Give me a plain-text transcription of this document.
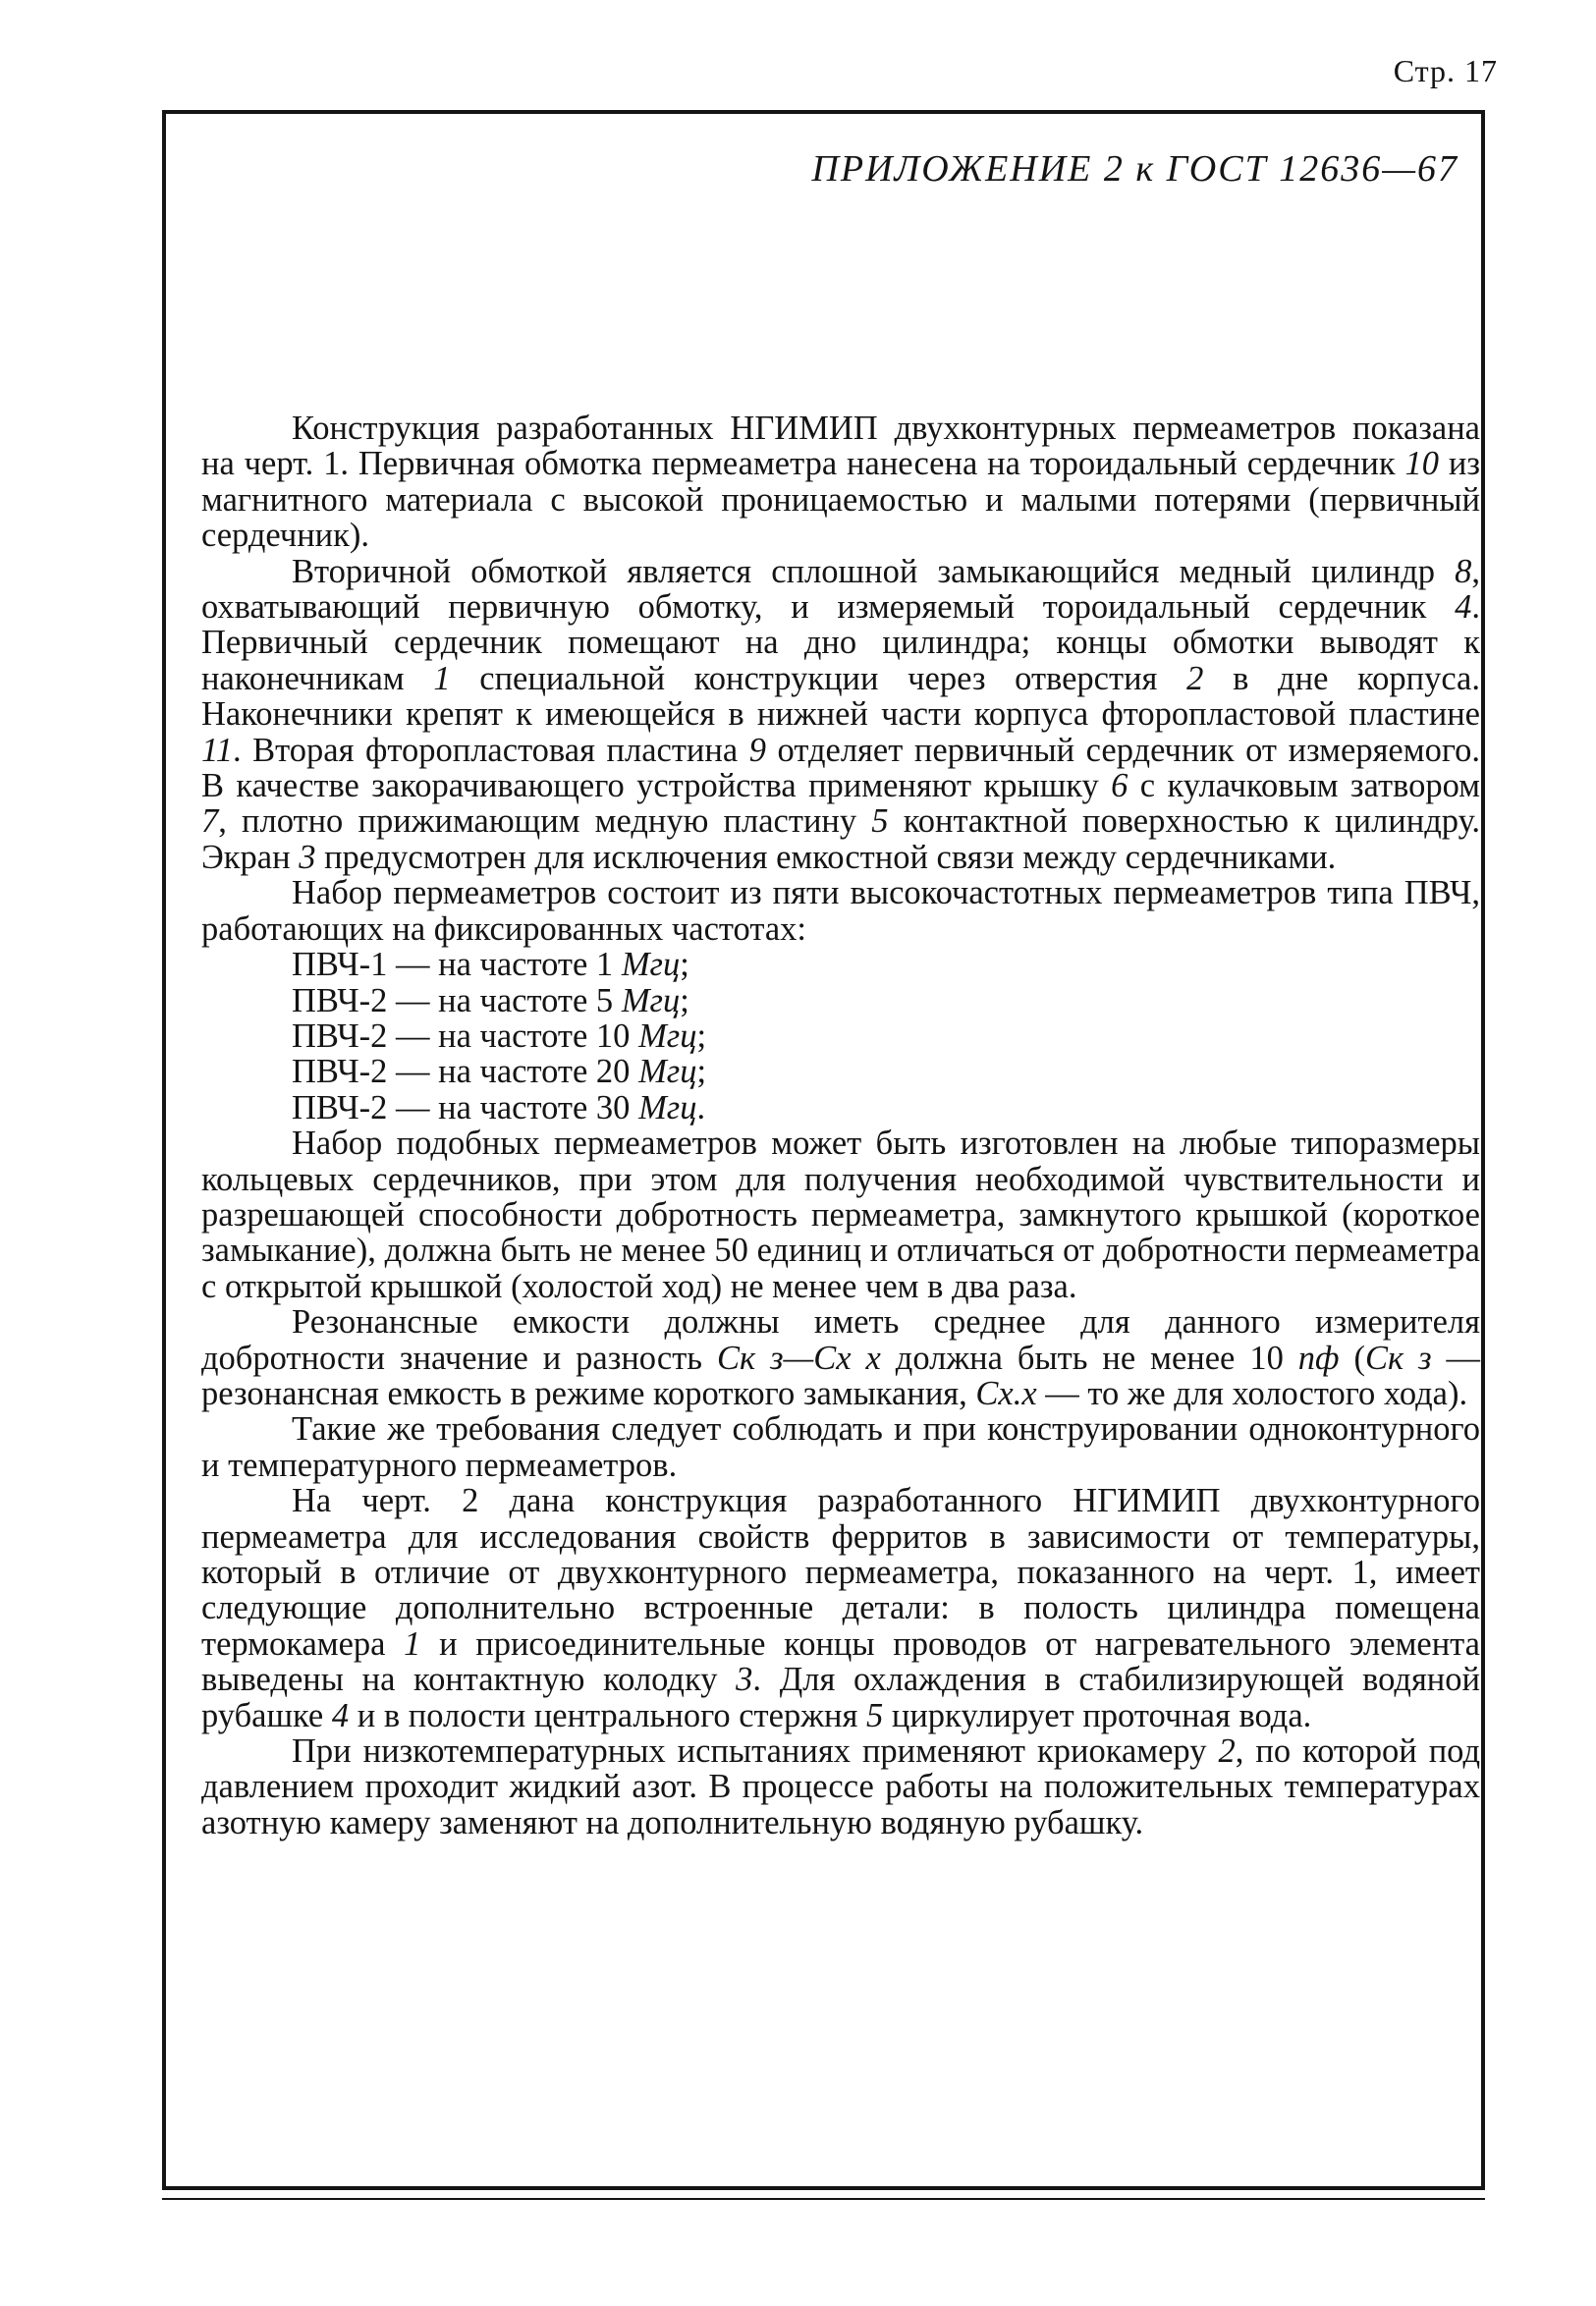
Стр. 17
ПРИЛОЖЕНИЕ 2 к ГОСТ 12636—67

Конструкция разработанных НГИМИП двухконтурных пермеаметров показана на черт. 1. Первичная обмотка пермеаметра нанесена на тороидальный сердечник 10 из магнитного материала с высокой проницаемостью и малыми потерями (первичный сердечник).

Вторичной обмоткой является сплошной замыкающийся медный цилиндр 8, охватывающий первичную обмотку, и измеряемый тороидальный сердечник 4. Первичный сердечник помещают на дно цилиндра; концы обмотки выводят к наконечникам 1 специальной конструкции через отверстия 2 в дне корпуса. Наконечники крепят к имеющейся в нижней части корпуса фторопластовой пластине 11. Вторая фторопластовая пластина 9 отделяет первичный сердечник от измеряемого. В качестве закорачивающего устройства применяют крышку 6 с кулачковым затвором 7, плотно прижимающим медную пластину 5 контактной поверхностью к цилиндру. Экран 3 предусмотрен для исключения емкостной связи между сердечниками.

Набор пермеаметров состоит из пяти высокочастотных пермеаметров типа ПВЧ, работающих на фиксированных частотах:

ПВЧ-1 — на частоте 1 Мгц;
ПВЧ-2 — на частоте 5 Мгц;
ПВЧ-2 — на частоте 10 Мгц;
ПВЧ-2 — на частоте 20 Мгц;
ПВЧ-2 — на частоте 30 Мгц.

Набор подобных пермеаметров может быть изготовлен на любые типоразмеры кольцевых сердечников, при этом для получения необходимой чувствительности и разрешающей способности добротность пермеаметра, замкнутого крышкой (короткое замыкание), должна быть не менее 50 единиц и отличаться от добротности пермеаметра с открытой крышкой (холостой ход) не менее чем в два раза.

Резонансные емкости должны иметь среднее для данного измерителя добротности значение и разность Cк з—Cх х должна быть не менее 10 пф (Cк з — резонансная емкость в режиме короткого замыкания, Cх.х — то же для холостого хода).

Такие же требования следует соблюдать и при конструировании одноконтурного и температурного пермеаметров.

На черт. 2 дана конструкция разработанного НГИМИП двухконтурного пермеаметра для исследования свойств ферритов в зависимости от температуры, который в отличие от двухконтурного пермеаметра, показанного на черт. 1, имеет следующие дополнительно встроенные детали: в полость цилиндра помещена термокамера 1 и присоединительные концы проводов от нагревательного элемента выведены на контактную колодку 3. Для охлаждения в стабилизирующей водяной рубашке 4 и в полости центрального стержня 5 циркулирует проточная вода.

При низкотемпературных испытаниях применяют криокамеру 2, по которой под давлением проходит жидкий азот. В процессе работы на положительных температурах азотную камеру заменяют на дополнительную водяную рубашку.
